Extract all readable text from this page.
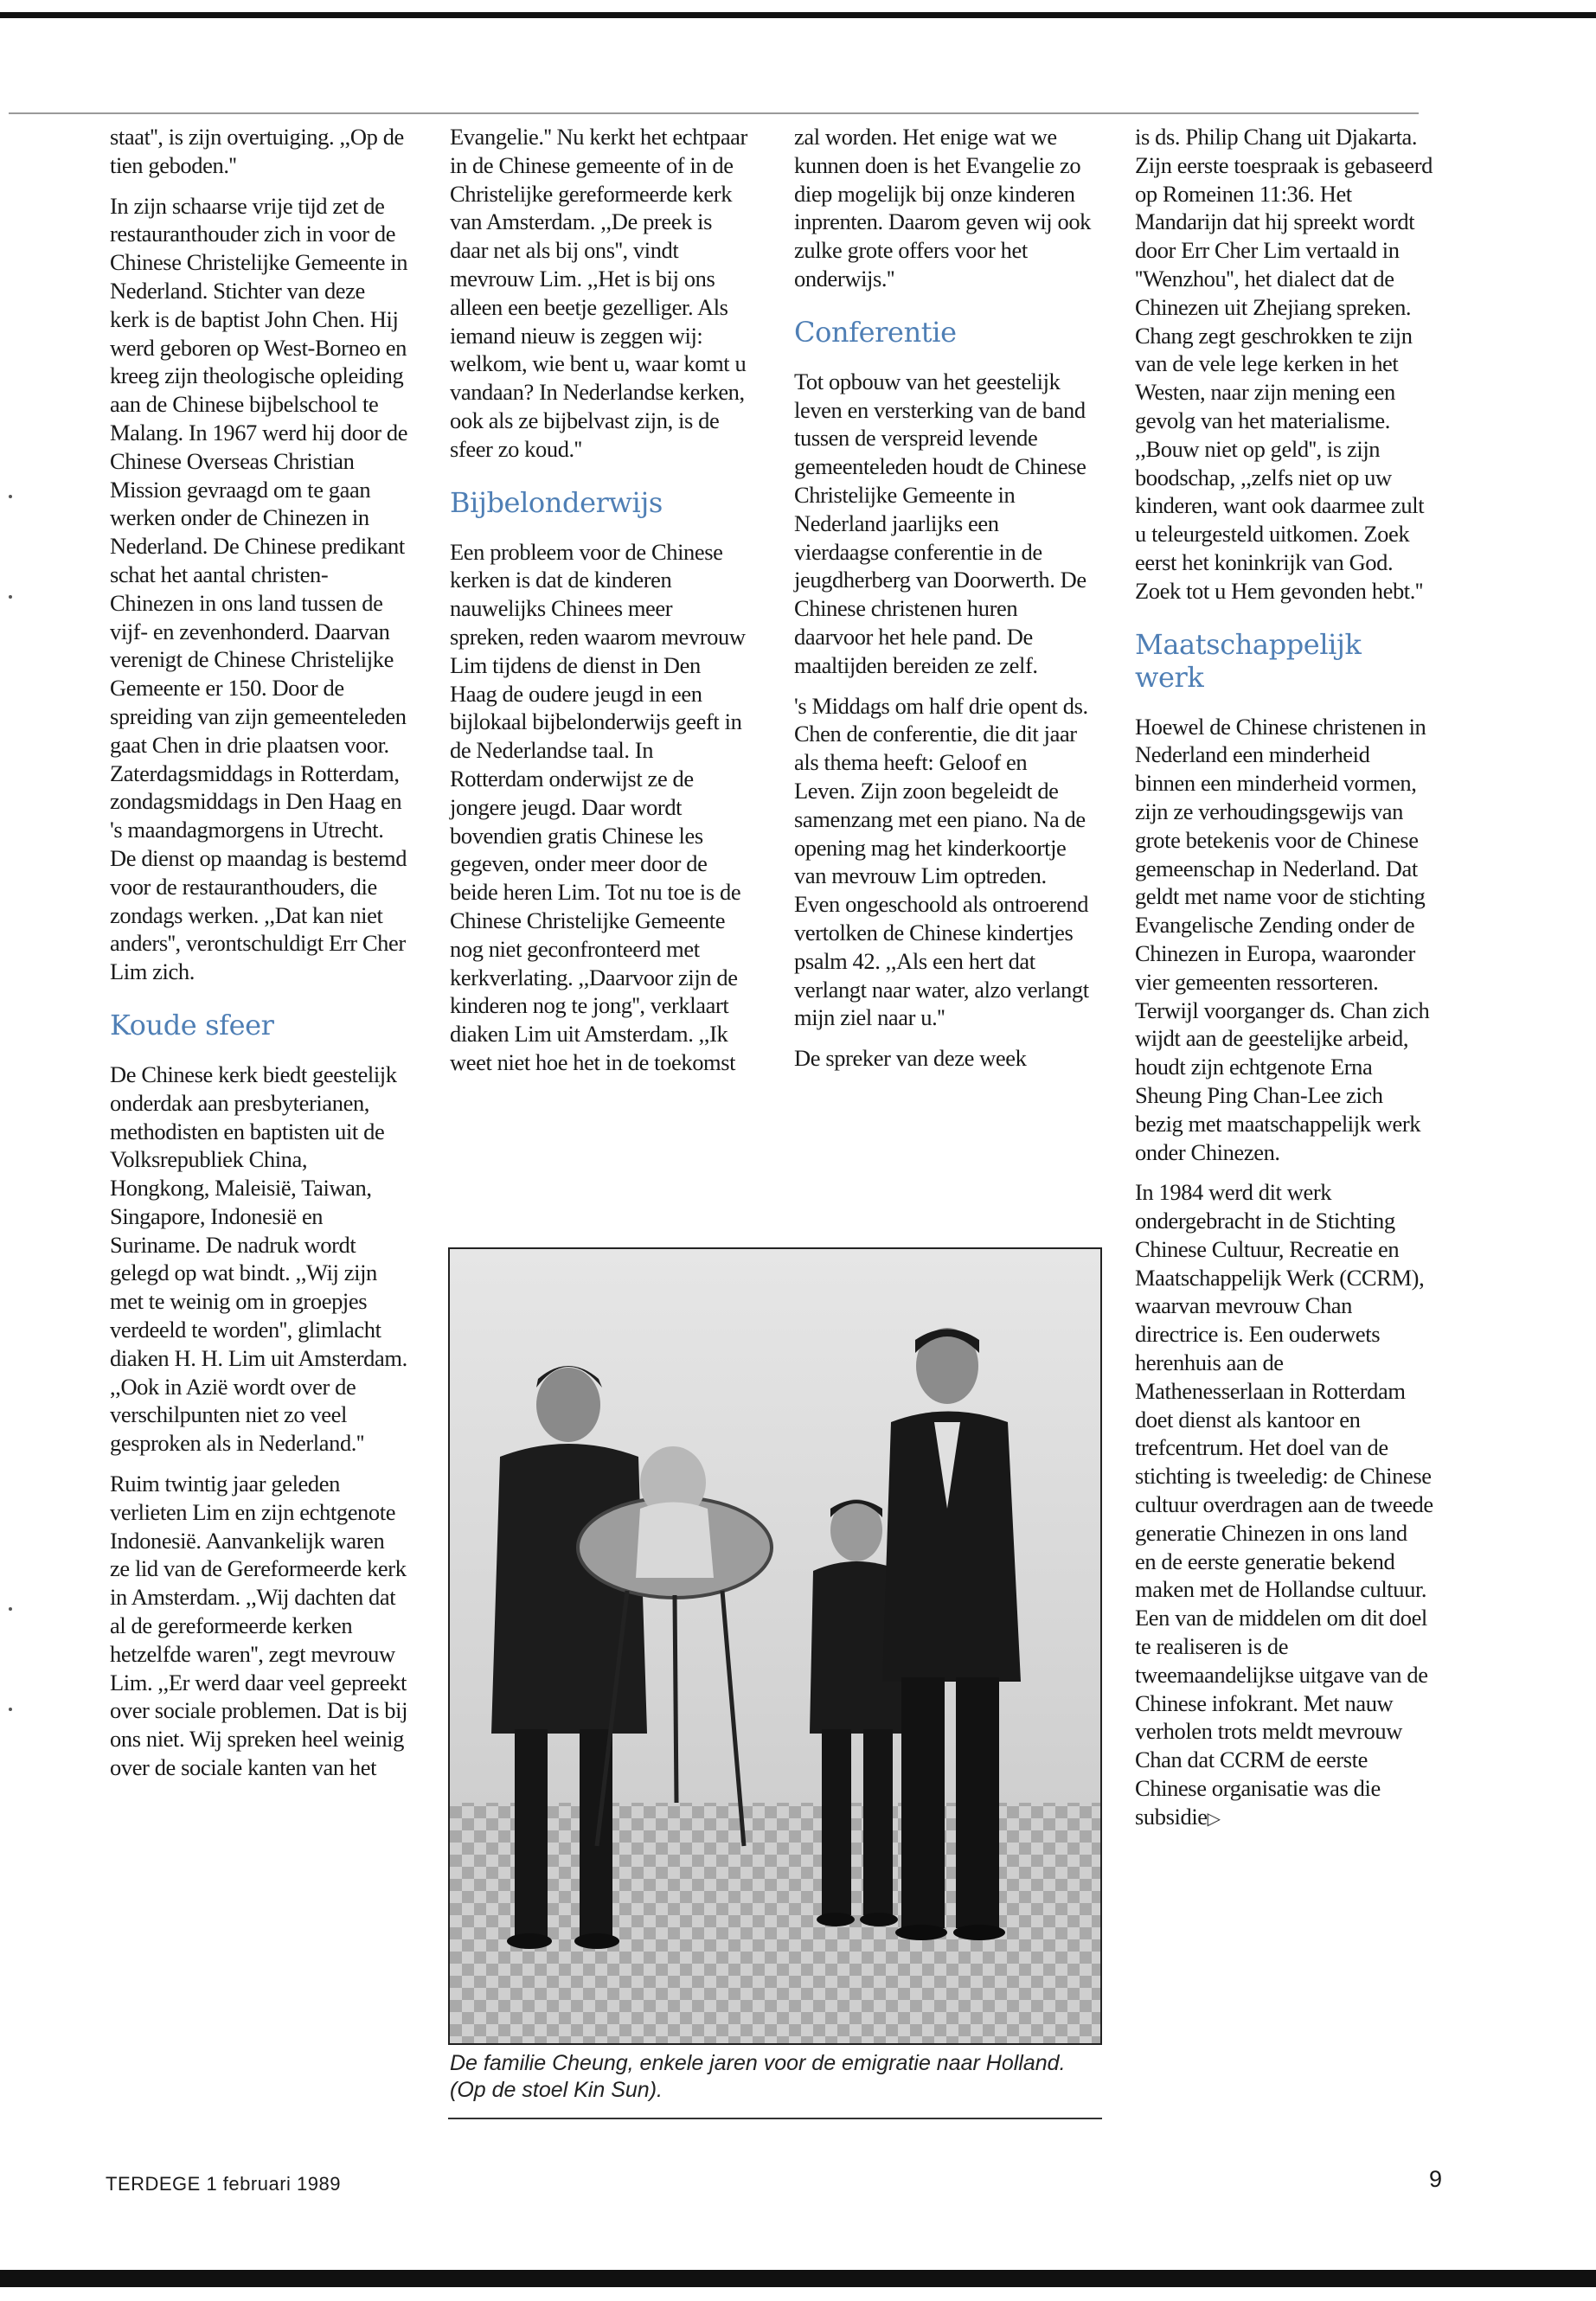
staat'', is zijn overtuiging. ,,Op de tien geboden.''

In zijn schaarse vrije tijd zet de restauranthouder zich in voor de Chinese Christelijke Gemeente in Nederland. Stichter van deze kerk is de baptist John Chen. Hij werd geboren op West-Borneo en kreeg zijn theologische opleiding aan de Chinese bijbelschool te Malang. In 1967 werd hij door de Chinese Overseas Christian Mission gevraagd om te gaan werken onder de Chinezen in Nederland. De Chinese predikant schat het aantal christen-Chinezen in ons land tussen de vijf- en zevenhonderd. Daarvan verenigt de Chinese Christelijke Gemeente er 150. Door de spreiding van zijn gemeenteleden gaat Chen in drie plaatsen voor. Zaterdagsmiddags in Rotterdam, zondagsmiddags in Den Haag en 's maandagmorgens in Utrecht. De dienst op maandag is bestemd voor de restauranthouders, die zondags werken. ,,Dat kan niet anders'', verontschuldigt Err Cher Lim zich.

Koude sfeer

De Chinese kerk biedt geestelijk onderdak aan presbyterianen, methodisten en baptisten uit de Volksrepubliek China, Hongkong, Maleisië, Taiwan, Singapore, Indonesië en Suriname. De nadruk wordt gelegd op wat bindt. ,,Wij zijn met te weinig om in groepjes verdeeld te worden'', glimlacht diaken H. H. Lim uit Amsterdam. ,,Ook in Azië wordt over de verschilpunten niet zo veel gesproken als in Nederland.''

Ruim twintig jaar geleden verlieten Lim en zijn echtgenote Indonesië. Aanvankelijk waren ze lid van de Gereformeerde kerk in Amsterdam. ,,Wij dachten dat al de gereformeerde kerken hetzelfde waren'', zegt mevrouw Lim. ,,Er werd daar veel gepreekt over sociale problemen. Dat is bij ons niet. Wij spreken heel weinig over de sociale kanten van het

Evangelie.'' Nu kerkt het echtpaar in de Chinese gemeente of in de Christelijke gereformeerde kerk van Amsterdam. ,,De preek is daar net als bij ons'', vindt mevrouw Lim. ,,Het is bij ons alleen een beetje gezelliger. Als iemand nieuw is zeggen wij: welkom, wie bent u, waar komt u vandaan? In Nederlandse kerken, ook als ze bijbelvast zijn, is de sfeer zo koud.''

Bijbelonderwijs

Een probleem voor de Chinese kerken is dat de kinderen nauwelijks Chinees meer spreken, reden waarom mevrouw Lim tijdens de dienst in Den Haag de oudere jeugd in een bijlokaal bijbelonderwijs geeft in de Nederlandse taal. In Rotterdam onderwijst ze de jongere jeugd. Daar wordt bovendien gratis Chinese les gegeven, onder meer door de beide heren Lim. Tot nu toe is de Chinese Christelijke Gemeente nog niet geconfronteerd met kerkverlating. ,,Daarvoor zijn de kinderen nog te jong'', verklaart diaken Lim uit Amsterdam. ,,Ik weet niet hoe het in de toekomst

zal worden. Het enige wat we kunnen doen is het Evangelie zo diep mogelijk bij onze kinderen inprenten. Daarom geven wij ook zulke grote offers voor het onderwijs.''

Conferentie

Tot opbouw van het geestelijk leven en versterking van de band tussen de verspreid levende gemeenteleden houdt de Chinese Christelijke Gemeente in Nederland jaarlijks een vierdaagse conferentie in de jeugdherberg van Doorwerth. De Chinese christenen huren daarvoor het hele pand. De maaltijden bereiden ze zelf.

's Middags om half drie opent ds. Chen de conferentie, die dit jaar als thema heeft: Geloof en Leven. Zijn zoon begeleidt de samenzang met een piano. Na de opening mag het kinderkoortje van mevrouw Lim optreden. Even ongeschoold als ontroerend vertolken de Chinese kindertjes psalm 42. ,,Als een hert dat verlangt naar water, alzo verlangt mijn ziel naar u.''

De spreker van deze week

is ds. Philip Chang uit Djakarta. Zijn eerste toespraak is gebaseerd op Romeinen 11:36. Het Mandarijn dat hij spreekt wordt door Err Cher Lim vertaald in ''Wenzhou'', het dialect dat de Chinezen uit Zhejiang spreken. Chang zegt geschrokken te zijn van de vele lege kerken in het Westen, naar zijn mening een gevolg van het materialisme. ,,Bouw niet op geld'', is zijn boodschap, ,,zelfs niet op uw kinderen, want ook daarmee zult u teleurgesteld uitkomen. Zoek eerst het koninkrijk van God. Zoek tot u Hem gevonden hebt.''

Maatschappelijk werk

Hoewel de Chinese christenen in Nederland een minderheid binnen een minderheid vormen, zijn ze verhoudingsgewijs van grote betekenis voor de Chinese gemeenschap in Nederland. Dat geldt met name voor de stichting Evangelische Zending onder de Chinezen in Europa, waaronder vier gemeenten ressorteren. Terwijl voorganger ds. Chan zich wijdt aan de geestelijke arbeid, houdt zijn echtgenote Erna Sheung Ping Chan-Lee zich bezig met maatschappelijk werk onder Chinezen.

In 1984 werd dit werk ondergebracht in de Stichting Chinese Cultuur, Recreatie en Maatschappelijk Werk (CCRM), waarvan mevrouw Chan directrice is. Een ouderwets herenhuis aan de Mathenesserlaan in Rotterdam doet dienst als kantoor en trefcentrum. Het doel van de stichting is tweeledig: de Chinese cultuur overdragen aan de tweede generatie Chinezen in ons land en de eerste generatie bekend maken met de Hollandse cultuur. Een van de middelen om dit doel te realiseren is de tweemaandelijkse uitgave van de Chinese infokrant. Met nauw verholen trots meldt mevrouw Chan dat CCRM de eerste Chinese organisatie was die subsidie▷

De familie Cheung, enkele jaren voor de emigratie naar Holland. (Op de stoel Kin Sun).
TERDEGE 1 februari 1989	9
